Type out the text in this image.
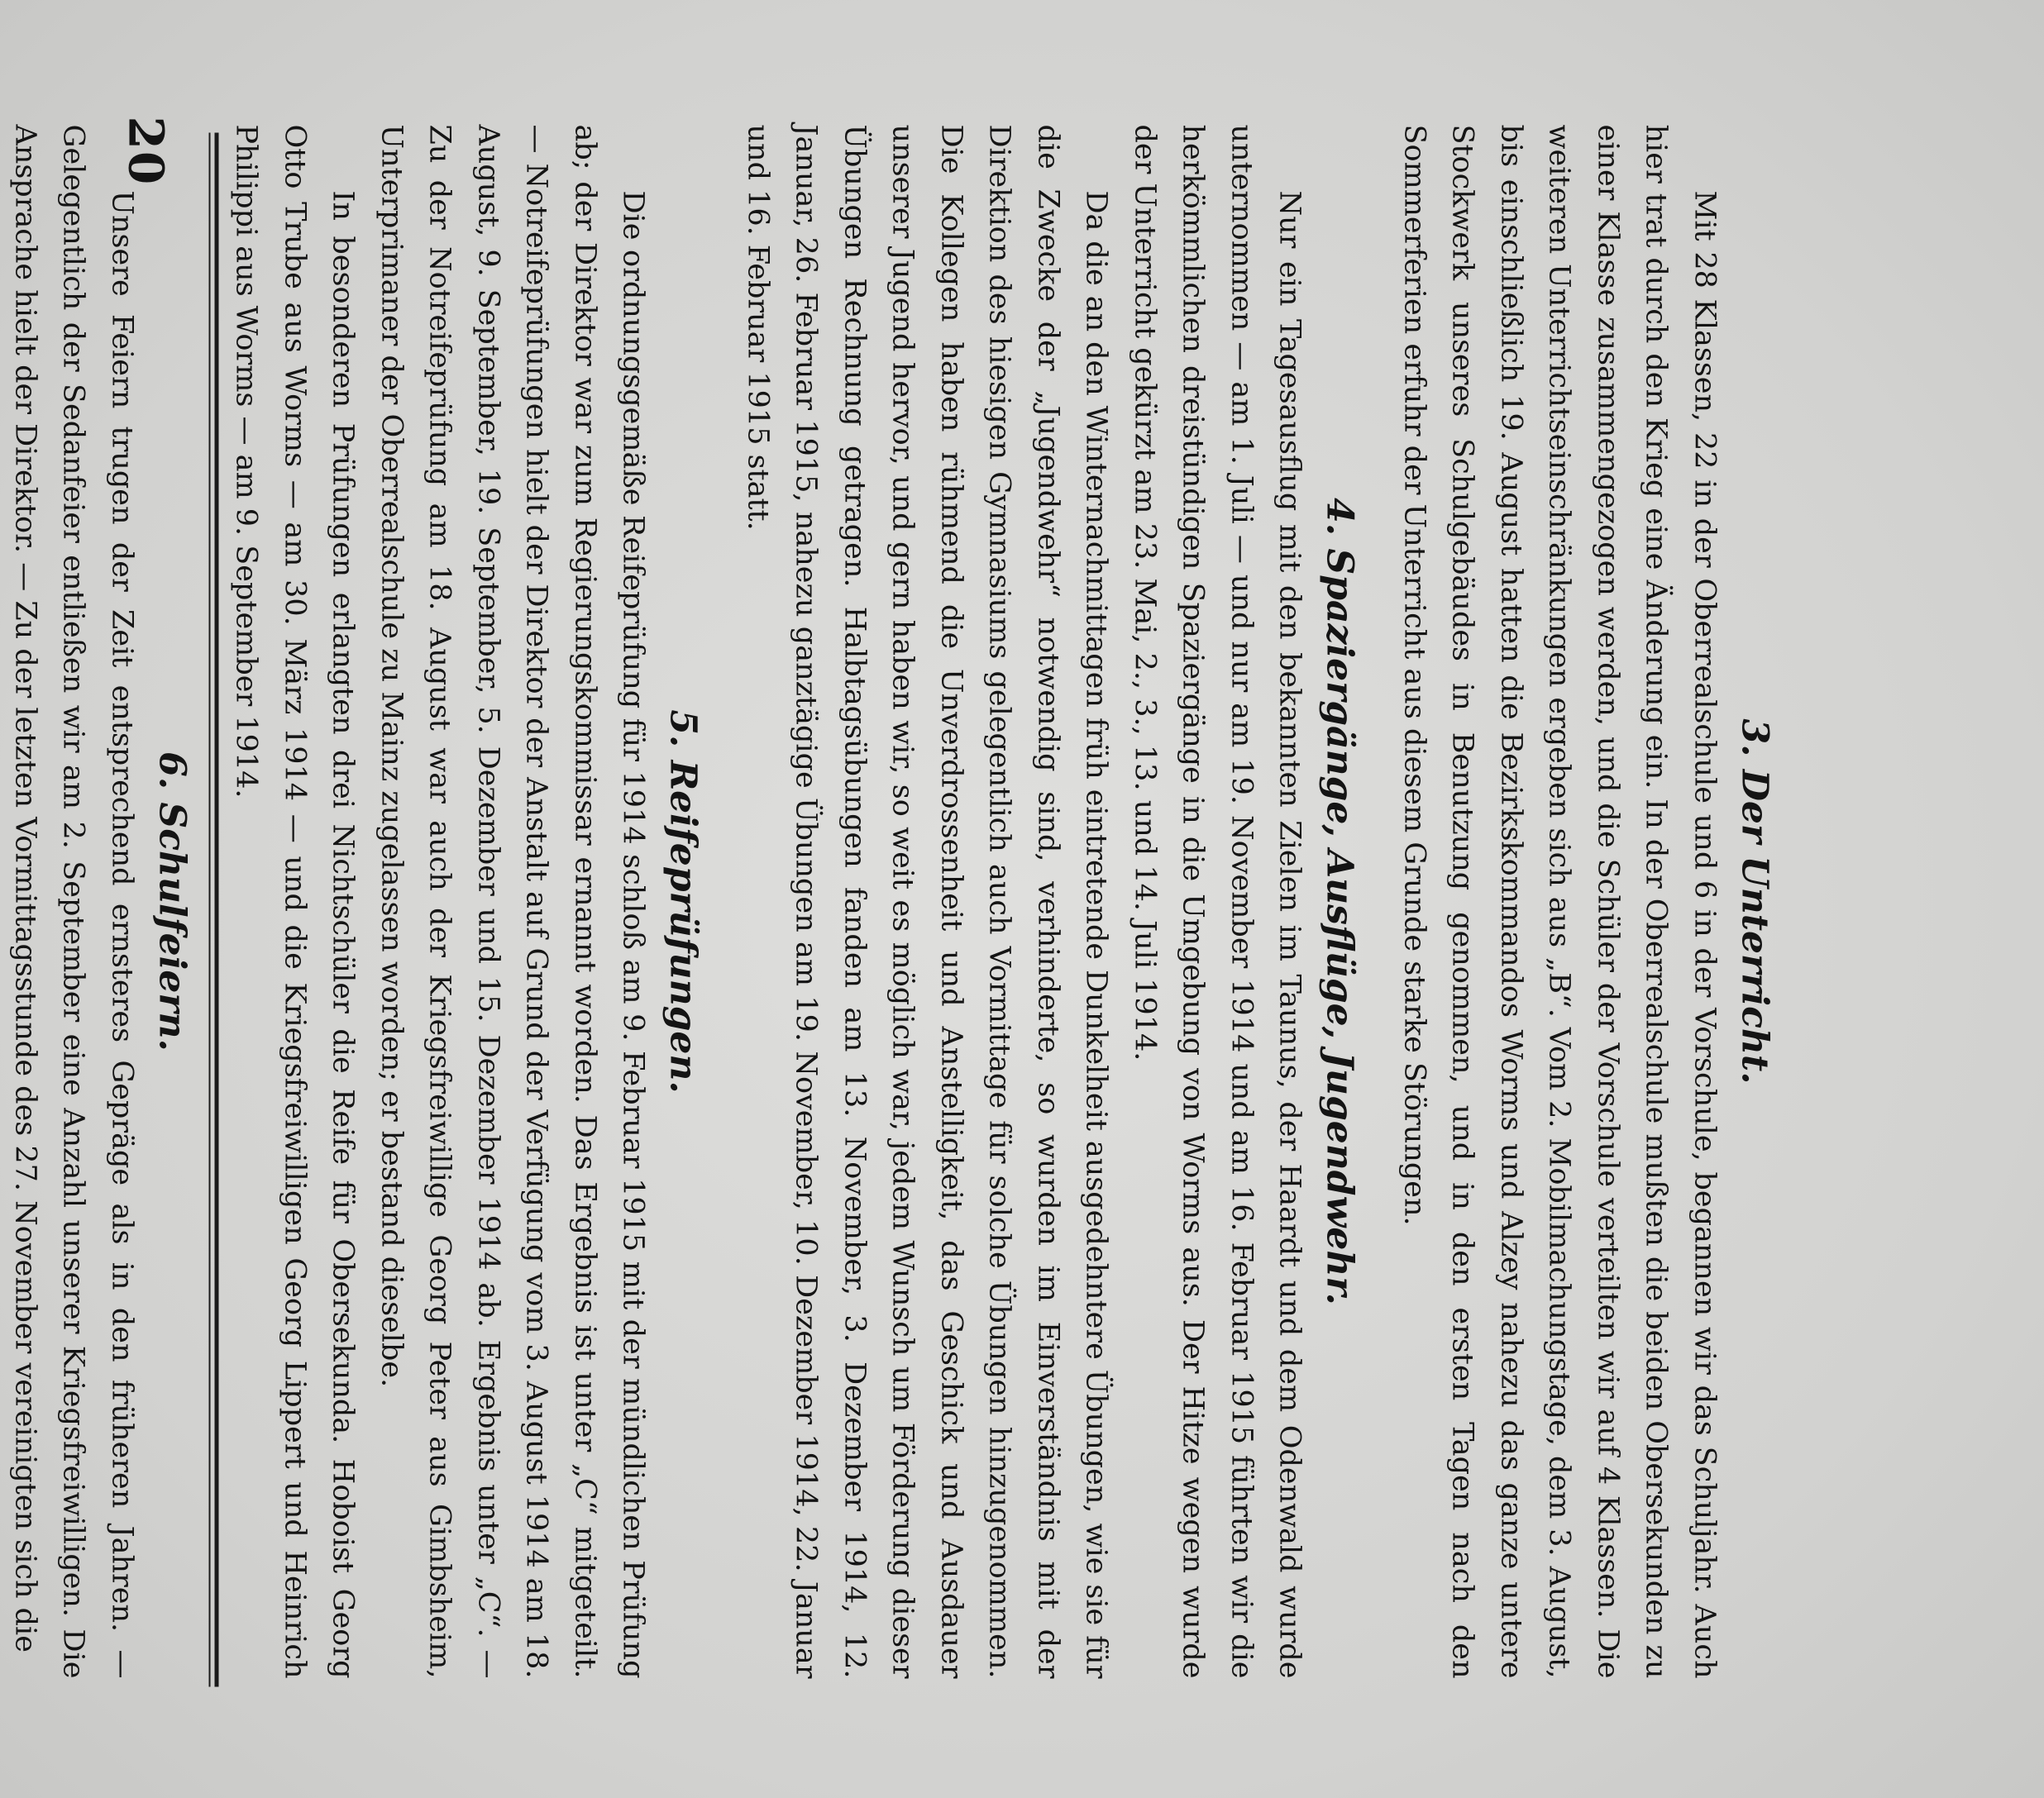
3. Der Unterricht.

Mit 28 Klassen, 22 in der Oberrealschule und 6 in der Vorschule, begannen wir das Schuljahr. Auch hier trat durch den Krieg eine Änderung ein. In der Oberrealschule mußten die beiden Obersekunden zu einer Klasse zusammengezogen werden, und die Schüler der Vorschule verteilten wir auf 4 Klassen. Die weiteren Unterrichtseinschränkungen ergeben sich aus „B“. Vom 2. Mobilmachungstage, dem 3. August, bis einschließlich 19. August hatten die Bezirkskommandos Worms und Alzey nahezu das ganze untere Stockwerk unseres Schulgebäudes in Benutzung genommen, und in den ersten Tagen nach den Sommerferien erfuhr der Unterricht aus diesem Grunde starke Störungen.

4. Spaziergänge, Ausflüge, Jugendwehr.

Nur ein Tagesausflug mit den bekannten Zielen im Taunus, der Haardt und dem Odenwald wurde unternommen — am 1. Juli — und nur am 19. November 1914 und am 16. Februar 1915 führten wir die herkömmlichen dreistündigen Spaziergänge in die Umgebung von Worms aus. Der Hitze wegen wurde der Unterricht gekürzt am 23. Mai, 2., 3., 13. und 14. Juli 1914.

Da die an den Winternachmittagen früh eintretende Dunkelheit ausgedehntere Übungen, wie sie für die Zwecke der „Jugendwehr“ notwendig sind, verhinderte, so wurden im Einverständnis mit der Direktion des hiesigen Gymnasiums gelegentlich auch Vormittage für solche Übungen hinzugenommen. Die Kollegen haben rühmend die Unverdrossenheit und Anstelligkeit, das Geschick und Ausdauer unserer Jugend hervor, und gern haben wir, so weit es möglich war, jedem Wunsch um Förderung dieser Übungen Rechnung getragen. Halbtagsübungen fanden am 13. November, 3. Dezember 1914, 12. Januar, 26. Februar 1915, nahezu ganztägige Übungen am 19. November, 10. Dezember 1914, 22. Januar und 16. Februar 1915 statt.

5. Reifeprüfungen.

Die ordnungsgemäße Reifeprüfung für 1914 schloß am 9. Februar 1915 mit der mündlichen Prüfung ab; der Direktor war zum Regierungskommissar ernannt worden. Das Ergebnis ist unter „C“ mitgeteilt. — Notreifeprüfungen hielt der Direktor der Anstalt auf Grund der Verfügung vom 3. August 1914 am 18. August, 9. September, 19. September, 5. Dezember und 15. Dezember 1914 ab. Ergebnis unter „C“. — Zu der Notreifeprüfung am 18. August war auch der Kriegsfreiwillige Georg Peter aus Gimbsheim, Unterprimaner der Oberrealschule zu Mainz zugelassen worden; er bestand dieselbe.

In besonderen Prüfungen erlangten drei Nichtschüler die Reife für Obersekunda. Hoboist Georg Otto Trube aus Worms — am 30. März 1914 — und die Kriegsfreiwilligen Georg Lippert und Heinrich Philippi aus Worms — am 9. September 1914.

6. Schulfeiern.

Unsere Feiern trugen der Zeit entsprechend ernsteres Gepräge als in den früheren Jahren. — Gelegentlich der Sedanfeier entließen wir am 2. September eine Anzahl unserer Kriegsfreiwilligen. Die Ansprache hielt der Direktor. — Zu der letzten Vormittagsstunde des 27. November vereinigten sich die	20
